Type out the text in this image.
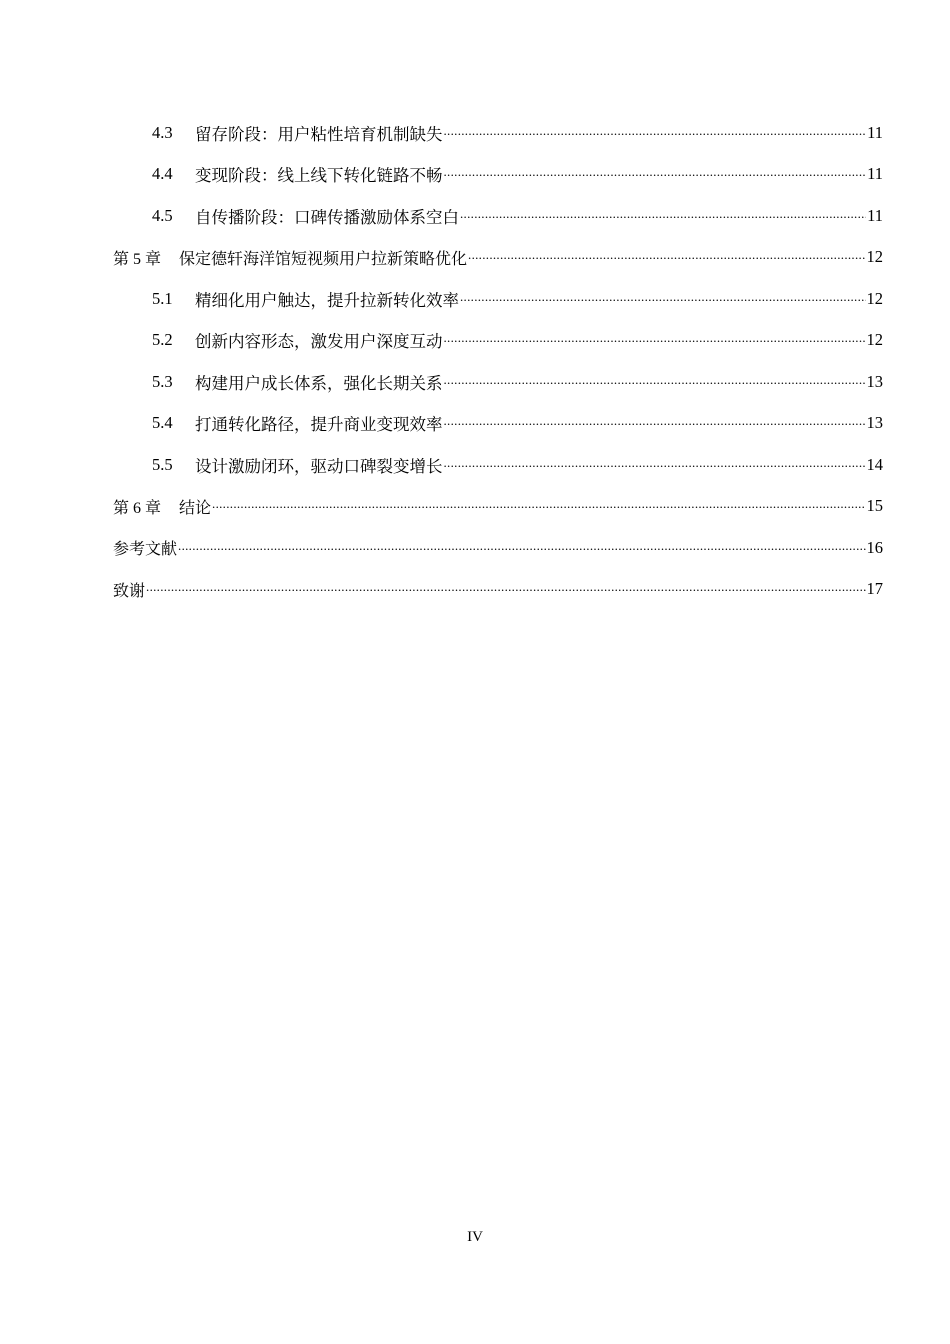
4.3	留存阶段：用户粘性培育机制缺失 .....	11
4.4	变现阶段：线上线下转化链路不畅 .....	11
4.5	自传播阶段：口碑传播激励体系空白 .....	11
第 5 章 保定德轩海洋馆短视频用户拉新策略优化 .....	12
5.1	精细化用户触达，提升拉新转化效率 .....	12
5.2	创新内容形态，激发用户深度互动 .....	12
5.3	构建用户成长体系，强化长期关系 .....	13
5.4	打通转化路径，提升商业变现效率 .....	13
5.5	设计激励闭环，驱动口碑裂变增长 .....	14
第 6 章 结论 .....	15
参考文献 .....	16
致谢 .....	17
IV
